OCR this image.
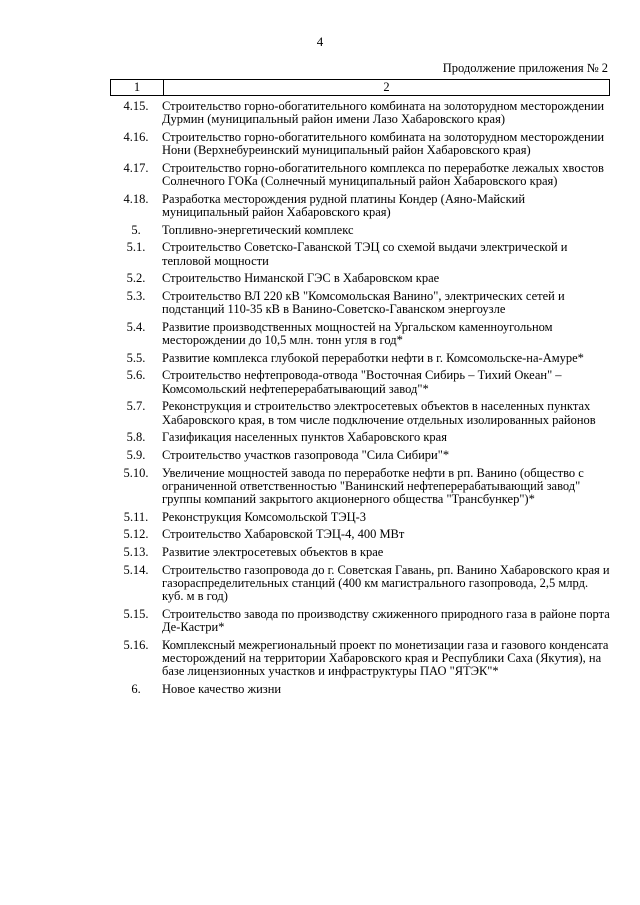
4
Продолжение приложения № 2
1	2
4.15.	Строительство горно-обогатительного комбината на золоторудном месторождении Дурмин (муниципальный район имени Лазо Хабаровского края)
4.16.	Строительство горно-обогатительного комбината на золоторудном месторождении Нони (Верхнебуреинский муниципальный район Хабаровского края)
4.17.	Строительство горно-обогатительного комплекса по переработке лежалых хвостов Солнечного ГОКа (Солнечный муниципальный район Хабаровского края)
4.18.	Разработка месторождения рудной платины Кондер (Аяно-Майский муниципальный район Хабаровского края)
5.	Топливно-энергетический комплекс
5.1.	Строительство Советско-Гаванской ТЭЦ со схемой выдачи электрической и тепловой мощности
5.2.	Строительство Ниманской ГЭС в Хабаровском крае
5.3.	Строительство ВЛ 220 кВ "Комсомольская Ванино", электрических сетей и подстанций 110-35 кВ в Ванино-Советско-Гаванском энергоузле
5.4.	Развитие производственных мощностей на Ургальском каменноугольном месторождении до 10,5 млн. тонн угля в год*
5.5.	Развитие комплекса глубокой переработки нефти в г. Комсомольске-на-Амуре*
5.6.	Строительство нефтепровода-отвода "Восточная Сибирь – Тихий Океан" – Комсомольский нефтеперерабатывающий завод"*
5.7.	Реконструкция и строительство электросетевых объектов в населенных пунктах Хабаровского края, в том числе подключение отдельных изолированных районов
5.8.	Газификация населенных пунктов Хабаровского края
5.9.	Строительство участков газопровода "Сила Сибири"*
5.10.	Увеличение мощностей завода по переработке нефти в рп. Ванино (общество с ограниченной ответственностью "Ванинский нефтеперерабатывающий завод" группы компаний закрытого акционерного общества "Трансбункер")*
5.11.	Реконструкция Комсомольской ТЭЦ-3
5.12.	Строительство Хабаровской ТЭЦ-4, 400 МВт
5.13.	Развитие электросетевых объектов в крае
5.14.	Строительство газопровода до г. Советская Гавань, рп. Ванино Хабаровского края и газораспределительных станций (400 км магистрального газопровода, 2,5 млрд. куб. м в год)
5.15.	Строительство завода по производству сжиженного природного газа в районе порта Де-Кастри*
5.16.	Комплексный межрегиональный проект по монетизации газа и газового конденсата месторождений на территории Хабаровского края и Республики Саха (Якутия), на базе лицензионных участков и инфраструктуры ПАО "ЯТЭК"*
6.	Новое качество жизни
